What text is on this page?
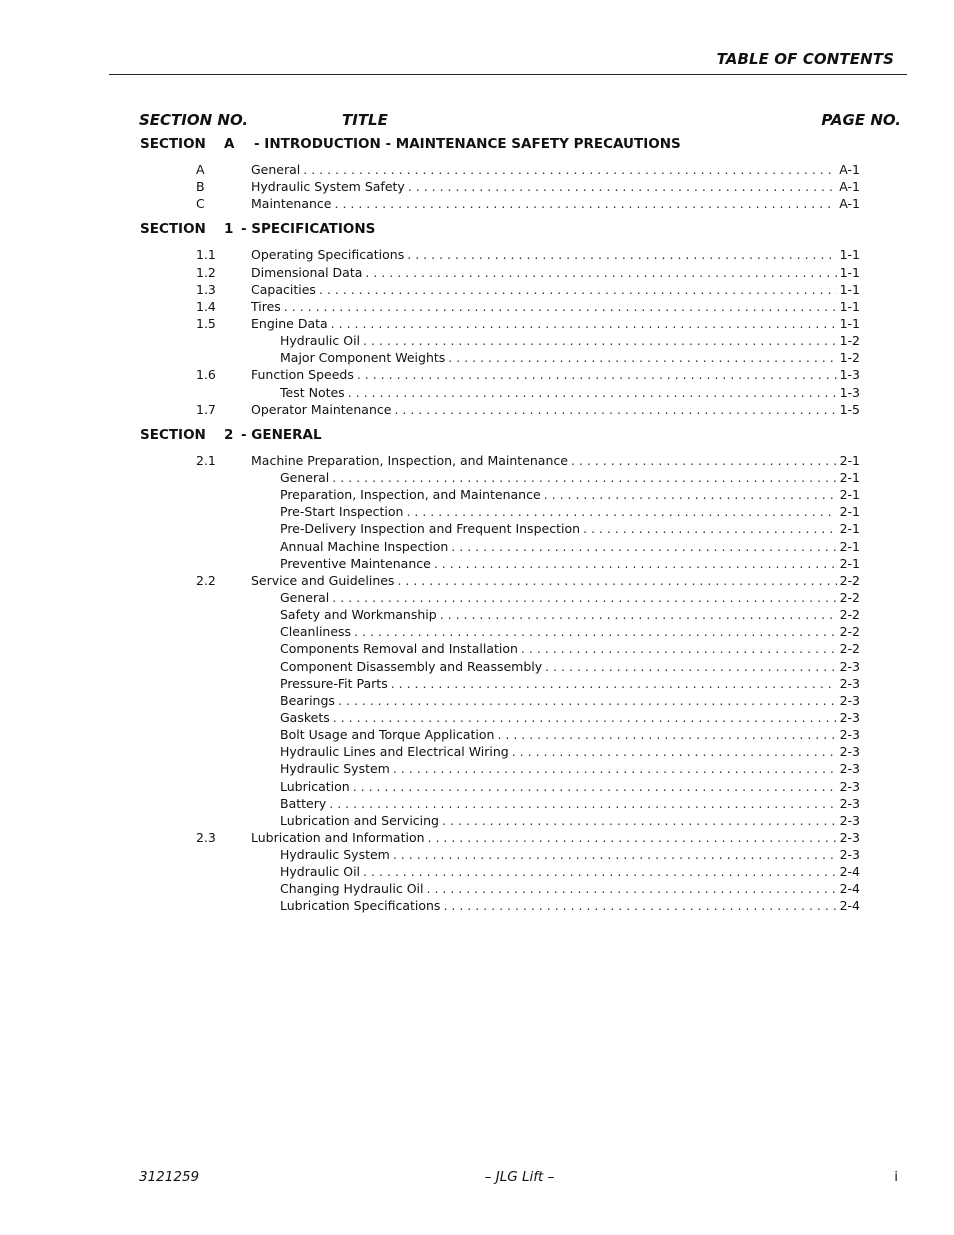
TABLE OF CONTENTS
SECTION NO.	TITLE	PAGE NO.
SECTION A - INTRODUCTION - MAINTENANCE SAFETY PRECAUTIONS
A	General . . .	A-1
B	Hydraulic System Safety . . .	A-1
C	Maintenance . . .	A-1
SECTION 1 - SPECIFICATIONS
1.1	Operating Specifications . . .	1-1
1.2	Dimensional Data . . .	1-1
1.3	Capacities . . .	1-1
1.4	Tires . . .	1-1
1.5	Engine Data . . .	1-1
Hydraulic Oil . . .	1-2
Major Component Weights . . .	1-2
1.6	Function Speeds . . .	1-3
Test Notes . . .	1-3
1.7	Operator Maintenance . . .	1-5
SECTION 2 - GENERAL
2.1	Machine Preparation, Inspection, and Maintenance . . .	2-1
General . . .	2-1
Preparation, Inspection, and Maintenance . . .	2-1
Pre-Start Inspection . . .	2-1
Pre-Delivery Inspection and Frequent Inspection . . .	2-1
Annual Machine Inspection . . .	2-1
Preventive Maintenance . . .	2-1
2.2	Service and Guidelines . . .	2-2
General . . .	2-2
Safety and Workmanship . . .	2-2
Cleanliness . . .	2-2
Components Removal and Installation . . .	2-2
Component Disassembly and Reassembly . . .	2-3
Pressure-Fit Parts . . .	2-3
Bearings . . .	2-3
Gaskets . . .	2-3
Bolt Usage and Torque Application . . .	2-3
Hydraulic Lines and Electrical Wiring . . .	2-3
Hydraulic System . . .	2-3
Lubrication . . .	2-3
Battery . . .	2-3
Lubrication and Servicing . . .	2-3
2.3	Lubrication and Information . . .	2-3
Hydraulic System . . .	2-3
Hydraulic Oil . . .	2-4
Changing Hydraulic Oil . . .	2-4
Lubrication Specifications . . .	2-4
3121259	– JLG Lift –	i
